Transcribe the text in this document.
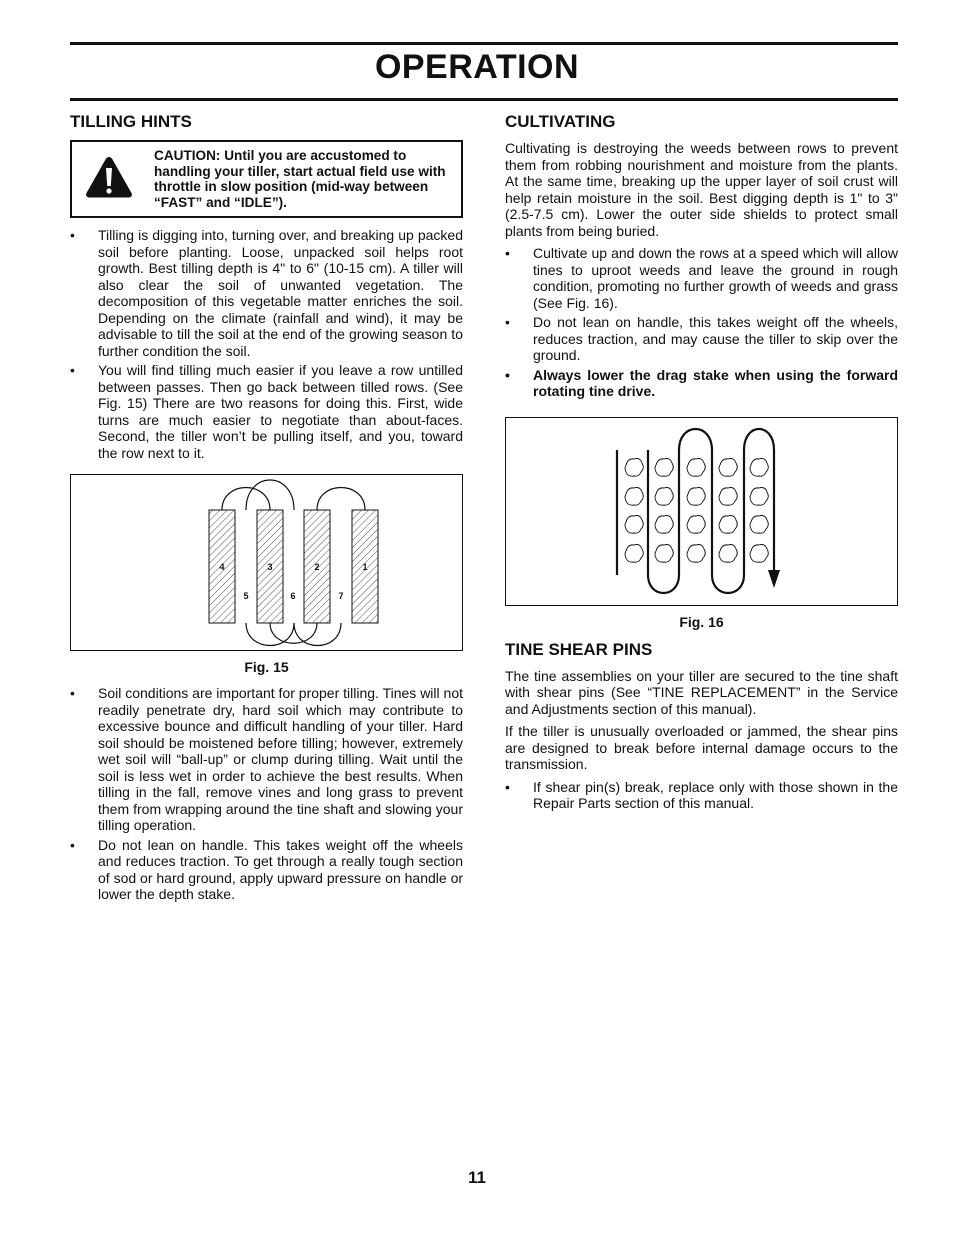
OPERATION
TILLING HINTS
CAUTION: Until you are accustomed to handling your tiller, start actual field use with throttle in slow position (mid-way between “FAST” and “IDLE”).
• Tilling is digging into, turning over, and breaking up packed soil before planting. Loose, unpacked soil helps root growth. Best tilling depth is 4" to 6" (10-15 cm). A tiller will also clear the soil of unwanted vegetation. The decomposition of this vegetable matter enriches the soil. Depending on the climate (rainfall and wind), it may be advisable to till the soil at the end of the growing season to further condition the soil.
• You will find tilling much easier if you leave a row untilled between passes. Then go back between tilled rows. (See Fig. 15) There are two reasons for doing this. First, wide turns are much easier to negotiate than about-faces. Second, the tiller won’t be pulling itself, and you, toward the row next to it.
4	3	2	1
5	6	7
Fig. 15
• Soil conditions are important for proper tilling. Tines will not readily penetrate dry, hard soil which may contribute to excessive bounce and difficult handling of your tiller. Hard soil should be moistened before tilling; however, extremely wet soil will “ball-up” or clump during tilling. Wait until the soil is less wet in order to achieve the best results. When tilling in the fall, remove vines and long grass to prevent them from wrapping around the tine shaft and slowing your tilling operation.
• Do not lean on handle. This takes weight off the wheels and reduces traction. To get through a really tough section of sod or hard ground, apply upward pressure on handle or lower the depth stake.
CULTIVATING

Cultivating is destroying the weeds between rows to prevent them from robbing nourishment and moisture from the plants. At the same time, breaking up the upper layer of soil crust will help retain moisture in the soil. Best digging depth is 1" to 3" (2.5-7.5 cm). Lower the outer side shields to protect small plants from being buried.

• Cultivate up and down the rows at a speed which will allow tines to uproot weeds and leave the ground in rough condition, promoting no further growth of weeds and grass (See Fig. 16).
• Do not lean on handle, this takes weight off the wheels, reduces traction, and may cause the tiller to skip over the ground.
• Always lower the drag stake when using the forward rotating tine drive.
Fig. 16
TINE SHEAR PINS

The tine assemblies on your tiller are secured to the tine shaft with shear pins (See “TINE REPLACEMENT” in the Service and Adjustments section of this manual).

If the tiller is unusually overloaded or jammed, the shear pins are designed to break before internal damage occurs to the transmission.

• If shear pin(s) break, replace only with those shown in the Repair Parts section of this manual.
11
